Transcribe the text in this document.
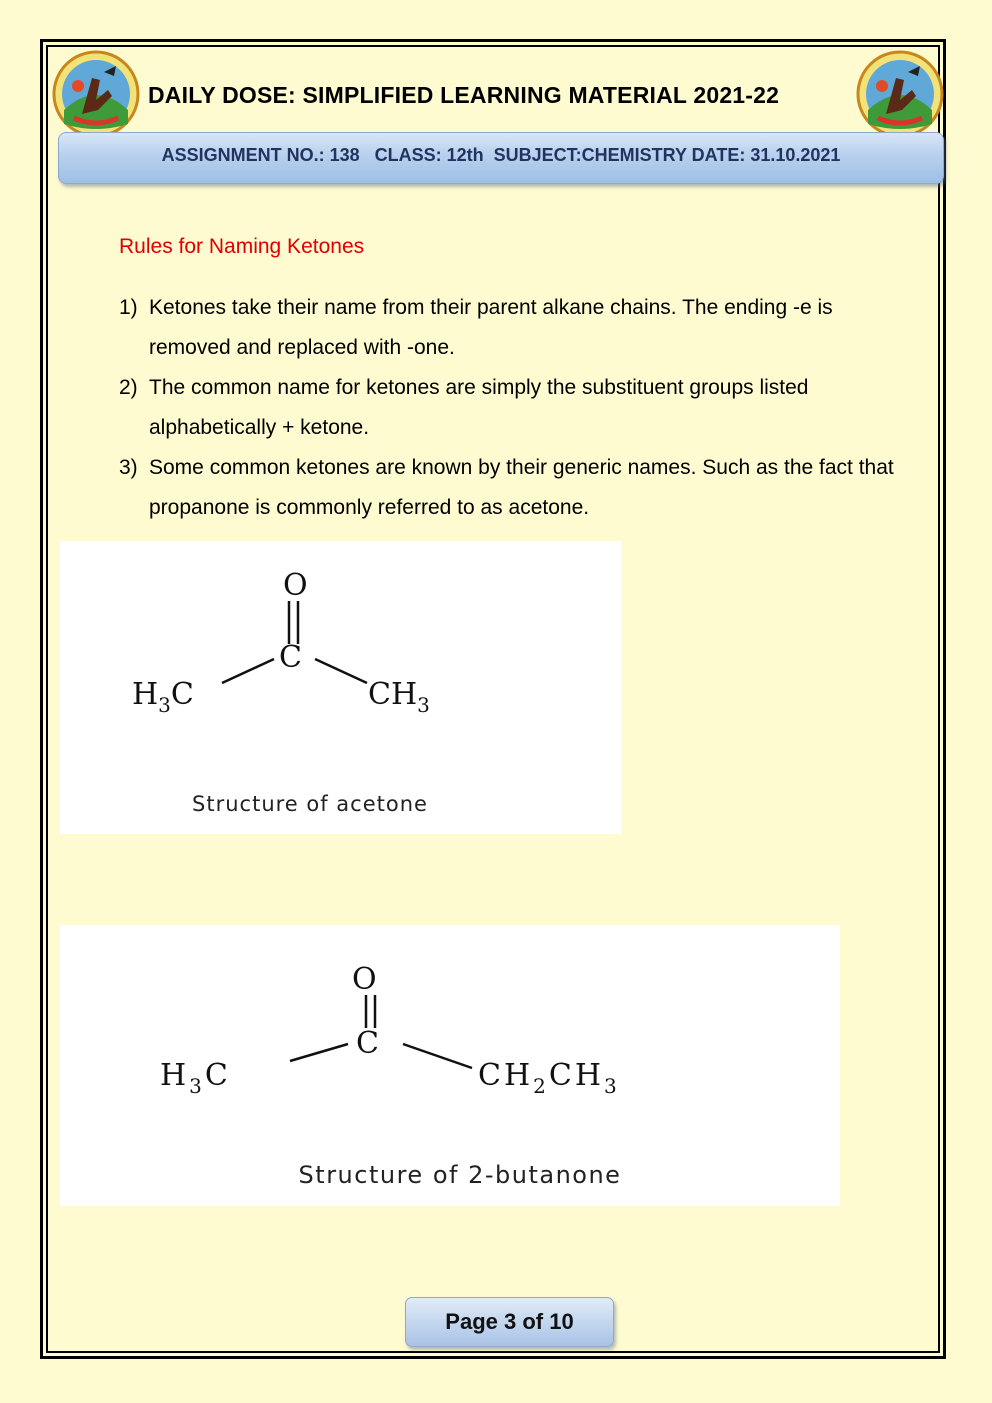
DAILY DOSE: SIMPLIFIED LEARNING MATERIAL 2021-22
ASSIGNMENT NO.: 138   CLASS: 12th  SUBJECT:CHEMISTRY DATE: 31.10.2021
Rules for Naming Ketones
1) Ketones take their name from their parent alkane chains. The ending -e is removed and replaced with -one.
2) The common name for ketones are simply the substituent groups listed alphabetically + ketone.
3) Some common ketones are known by their generic names. Such as the fact that propanone is commonly referred to as acetone.
O
C
$H_3C$	$CH_3$
Structure of acetone
O
C
$H_3C$	$CH_2CH_3$
Structure of 2-butanone
Page 3 of 10
